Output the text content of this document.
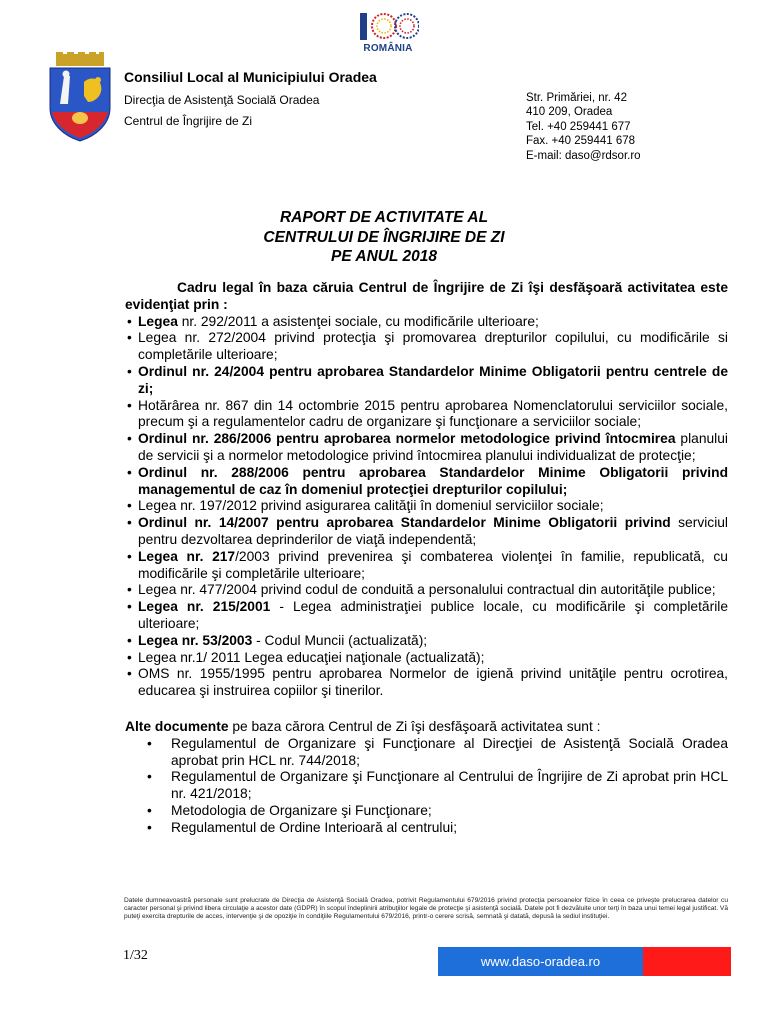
ROMÂNIA
Consiliul Local al Municipiului Oradea
Direcţia de Asistenţă Socială Oradea
Centrul de Îngrijire de Zi
Str. Primăriei, nr. 42
410 209, Oradea
Tel. +40 259441 677
Fax. +40 259441 678
E-mail: daso@rdsor.ro
RAPORT DE ACTIVITATE AL
CENTRULUI DE ÎNGRIJIRE DE ZI
PE ANUL 2018

Cadru legal în baza căruia Centrul de Îngrijire de Zi îşi desfăşoară activitatea este evidenţiat prin :

• Legea nr. 292/2011 a asistenţei sociale, cu modificările ulterioare;
• Legea nr. 272/2004 privind protecţia şi promovarea drepturilor copilului, cu modificările si completările ulterioare;
• Ordinul nr. 24/2004 pentru aprobarea Standardelor Minime Obligatorii pentru centrele de zi;
• Hotărârea nr. 867 din 14 octombrie 2015 pentru aprobarea Nomenclatorului serviciilor sociale, precum şi a regulamentelor cadru de organizare şi funcţionare a serviciilor sociale;
• Ordinul nr. 286/2006 pentru aprobarea normelor metodologice privind întocmirea planului de servicii şi a normelor metodologice privind întocmirea planului individualizat de protecţie;
• Ordinul nr. 288/2006 pentru aprobarea Standardelor Minime Obligatorii privind managementul de caz în domeniul protecţiei drepturilor copilului;
• Legea nr. 197/2012 privind asigurarea calităţii în domeniul serviciilor sociale;
• Ordinul nr. 14/2007 pentru aprobarea Standardelor Minime Obligatorii privind serviciul pentru dezvoltarea deprinderilor de viaţă independentă;
• Legea nr. 217/2003 privind prevenirea şi combaterea violenţei în familie, republicată, cu modificările şi completările ulterioare;
• Legea nr. 477/2004 privind codul de conduită a personalului contractual din autorităţile publice;
• Legea nr. 215/2001 - Legea administraţiei publice locale, cu modificările şi completările ulterioare;
• Legea nr. 53/2003 - Codul Muncii (actualizată);
• Legea nr.1/ 2011 Legea educaţiei naţionale (actualizată);
• OMS nr. 1955/1995 pentru aprobarea Normelor de igienă privind unităţile pentru ocrotirea, educarea şi instruirea copiilor şi tinerilor.
Alte documente pe baza cărora Centrul de Zi îşi desfăşoară activitatea sunt :
• Regulamentul de Organizare şi Funcţionare al Direcţiei de Asistenţă Socială Oradea aprobat prin HCL nr. 744/2018;
• Regulamentul de Organizare şi Funcţionare al Centrului de Îngrijire de Zi aprobat prin HCL nr. 421/2018;
• Metodologia de Organizare şi Funcţionare;
• Regulamentul de Ordine Interioară al centrului;
Datele dumneavoastră personale sunt prelucrate de Direcţia de Asistenţă Socială Oradea, potrivit Regulamentului 679/2016 privind protecţia persoanelor fizice în ceea ce priveşte prelucrarea datelor cu caracter personal şi privind libera circulaţie a acestor date (GDPR) în scopul îndeplinirii atribuţiilor legale de protecţie şi asistenţă socială. Datele pot fi dezvăluite unor terţi în baza unui temei legal justificat. Vă puteţi exercita drepturile de acces, intervenţie şi de opoziţie în condiţiile Regulamentului 679/2016, printr-o cerere scrisă, semnată şi datată, depusă la sediul instituţiei.
1/32	www.daso-oradea.ro
